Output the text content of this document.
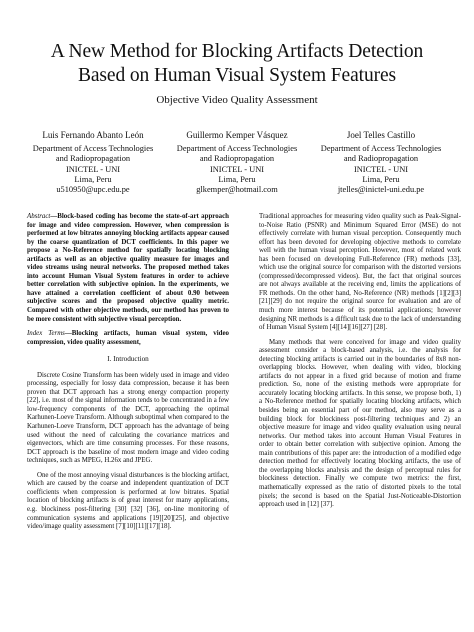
A New Method for Blocking Artifacts Detection
Based on Human Visual System Features
Objective Video Quality Assessment
Luis Fernando Abanto León
Department of Access Technologies
and Radiopropagation
INICTEL - UNI
Lima, Peru
u510950@upc.edu.pe
Guillermo Kemper Vásquez
Department of Access Technologies
and Radiopropagation
INICTEL - UNI
Lima, Peru
glkemper@hotmail.com
Joel Telles Castillo
Department of Access Technologies
and Radiopropagation
INICTEL - UNI
Lima, Peru
jtelles@inictel-uni.edu.pe

Abstract—Block-based coding has become the state-of-art approach for image and video compression. However, when compression is performed at low bitrates annoying blocking artifacts appear caused by the coarse quantization of DCT coefficients. In this paper we propose a No-Reference method for spatially locating blocking artifacts as well as an objective quality measure for images and video streams using neural networks. The proposed method takes into account Human Visual System features in order to achieve better correlation with subjective opinion. In the experiments, we have attained a correlation coefficient of about 0.90 between subjective scores and the proposed objective quality metric. Compared with other objective methods, our method has proven to be more consistent with subjective visual perception.

Index Terms—Blocking artifacts, human visual system, video compression, video quality assessment,

I. Introduction

Discrete Cosine Transform has been widely used in image and video processing, especially for lossy data compression, because it has been proven that DCT approach has a strong energy compaction property [22], i.e. most of the signal information tends to be concentrated in a few low-frequency components of the DCT, approaching the optimal Karhunen-Loeve Transform. Although suboptimal when compared to the Karhunen-Loeve Transform, DCT approach has the advantage of being used without the need of calculating the covariance matrices and eigenvectors, which are time consuming processes. For these reasons, DCT approach is the baseline of most modern image and video coding techniques, such as MPEG, H.26x and JPEG.

One of the most annoying visual disturbances is the blocking artifact, which are caused by the coarse and independent quantization of DCT coefficients when compression is performed at low bitrates. Spatial location of blocking artifacts is of great interest for many applications, e.g. blockiness post-filtering [30] [32] [36], on-line monitoring of communication systems and applications [19][20][25], and objective video/image quality assessment [7][10][11][17][18].

Traditional approaches for measuring video quality such as Peak-Signal-to-Noise Ratio (PSNR) and Minimum Squared Error (MSE) do not effectively correlate with human visual perception. Consequently much effort has been devoted for developing objective methods to correlate well with the human visual perception. However, most of related work has been focused on developing Full-Reference (FR) methods [33], which use the original source for comparison with the distorted versions (compressed/decompressed videos). But, the fact that original sources are not always available at the receiving end, limits the applications of FR methods. On the other hand, No-Reference (NR) methods [1][2][3][21][29] do not require the original source for evaluation and are of much more interest because of its potential applications; however designing NR methods is a difficult task due to the lack of understanding of Human Visual System [4][14][16][27] [28].

Many methods that were conceived for image and video quality assessment consider a block-based analysis, i.e. the analysis for detecting blocking artifacts is carried out in the boundaries of 8x8 non-overlapping blocks. However, when dealing with video, blocking artifacts do not appear in a fixed grid because of motion and frame prediction. So, none of the existing methods were appropriate for accurately locating blocking artifacts. In this sense, we propose both, 1) a No-Reference method for spatially locating blocking artifacts, which besides being an essential part of our method, also may serve as a building block for blockiness post-filtering techniques and 2) an objective measure for image and video quality evaluation using neural networks. Our method takes into account Human Visual Features in order to obtain better correlation with subjective opinion. Among the main contributions of this paper are: the introduction of a modified edge detection method for effectively locating blocking artifacts, the use of the overlapping blocks analysis and the design of perceptual rules for blockiness detection. Finally we compute two metrics: the first, mathematically expressed as the ratio of distorted pixels to the total pixels; the second is based on the Spatial Just-Noticeable-Distortion approach used in [12] [37].
